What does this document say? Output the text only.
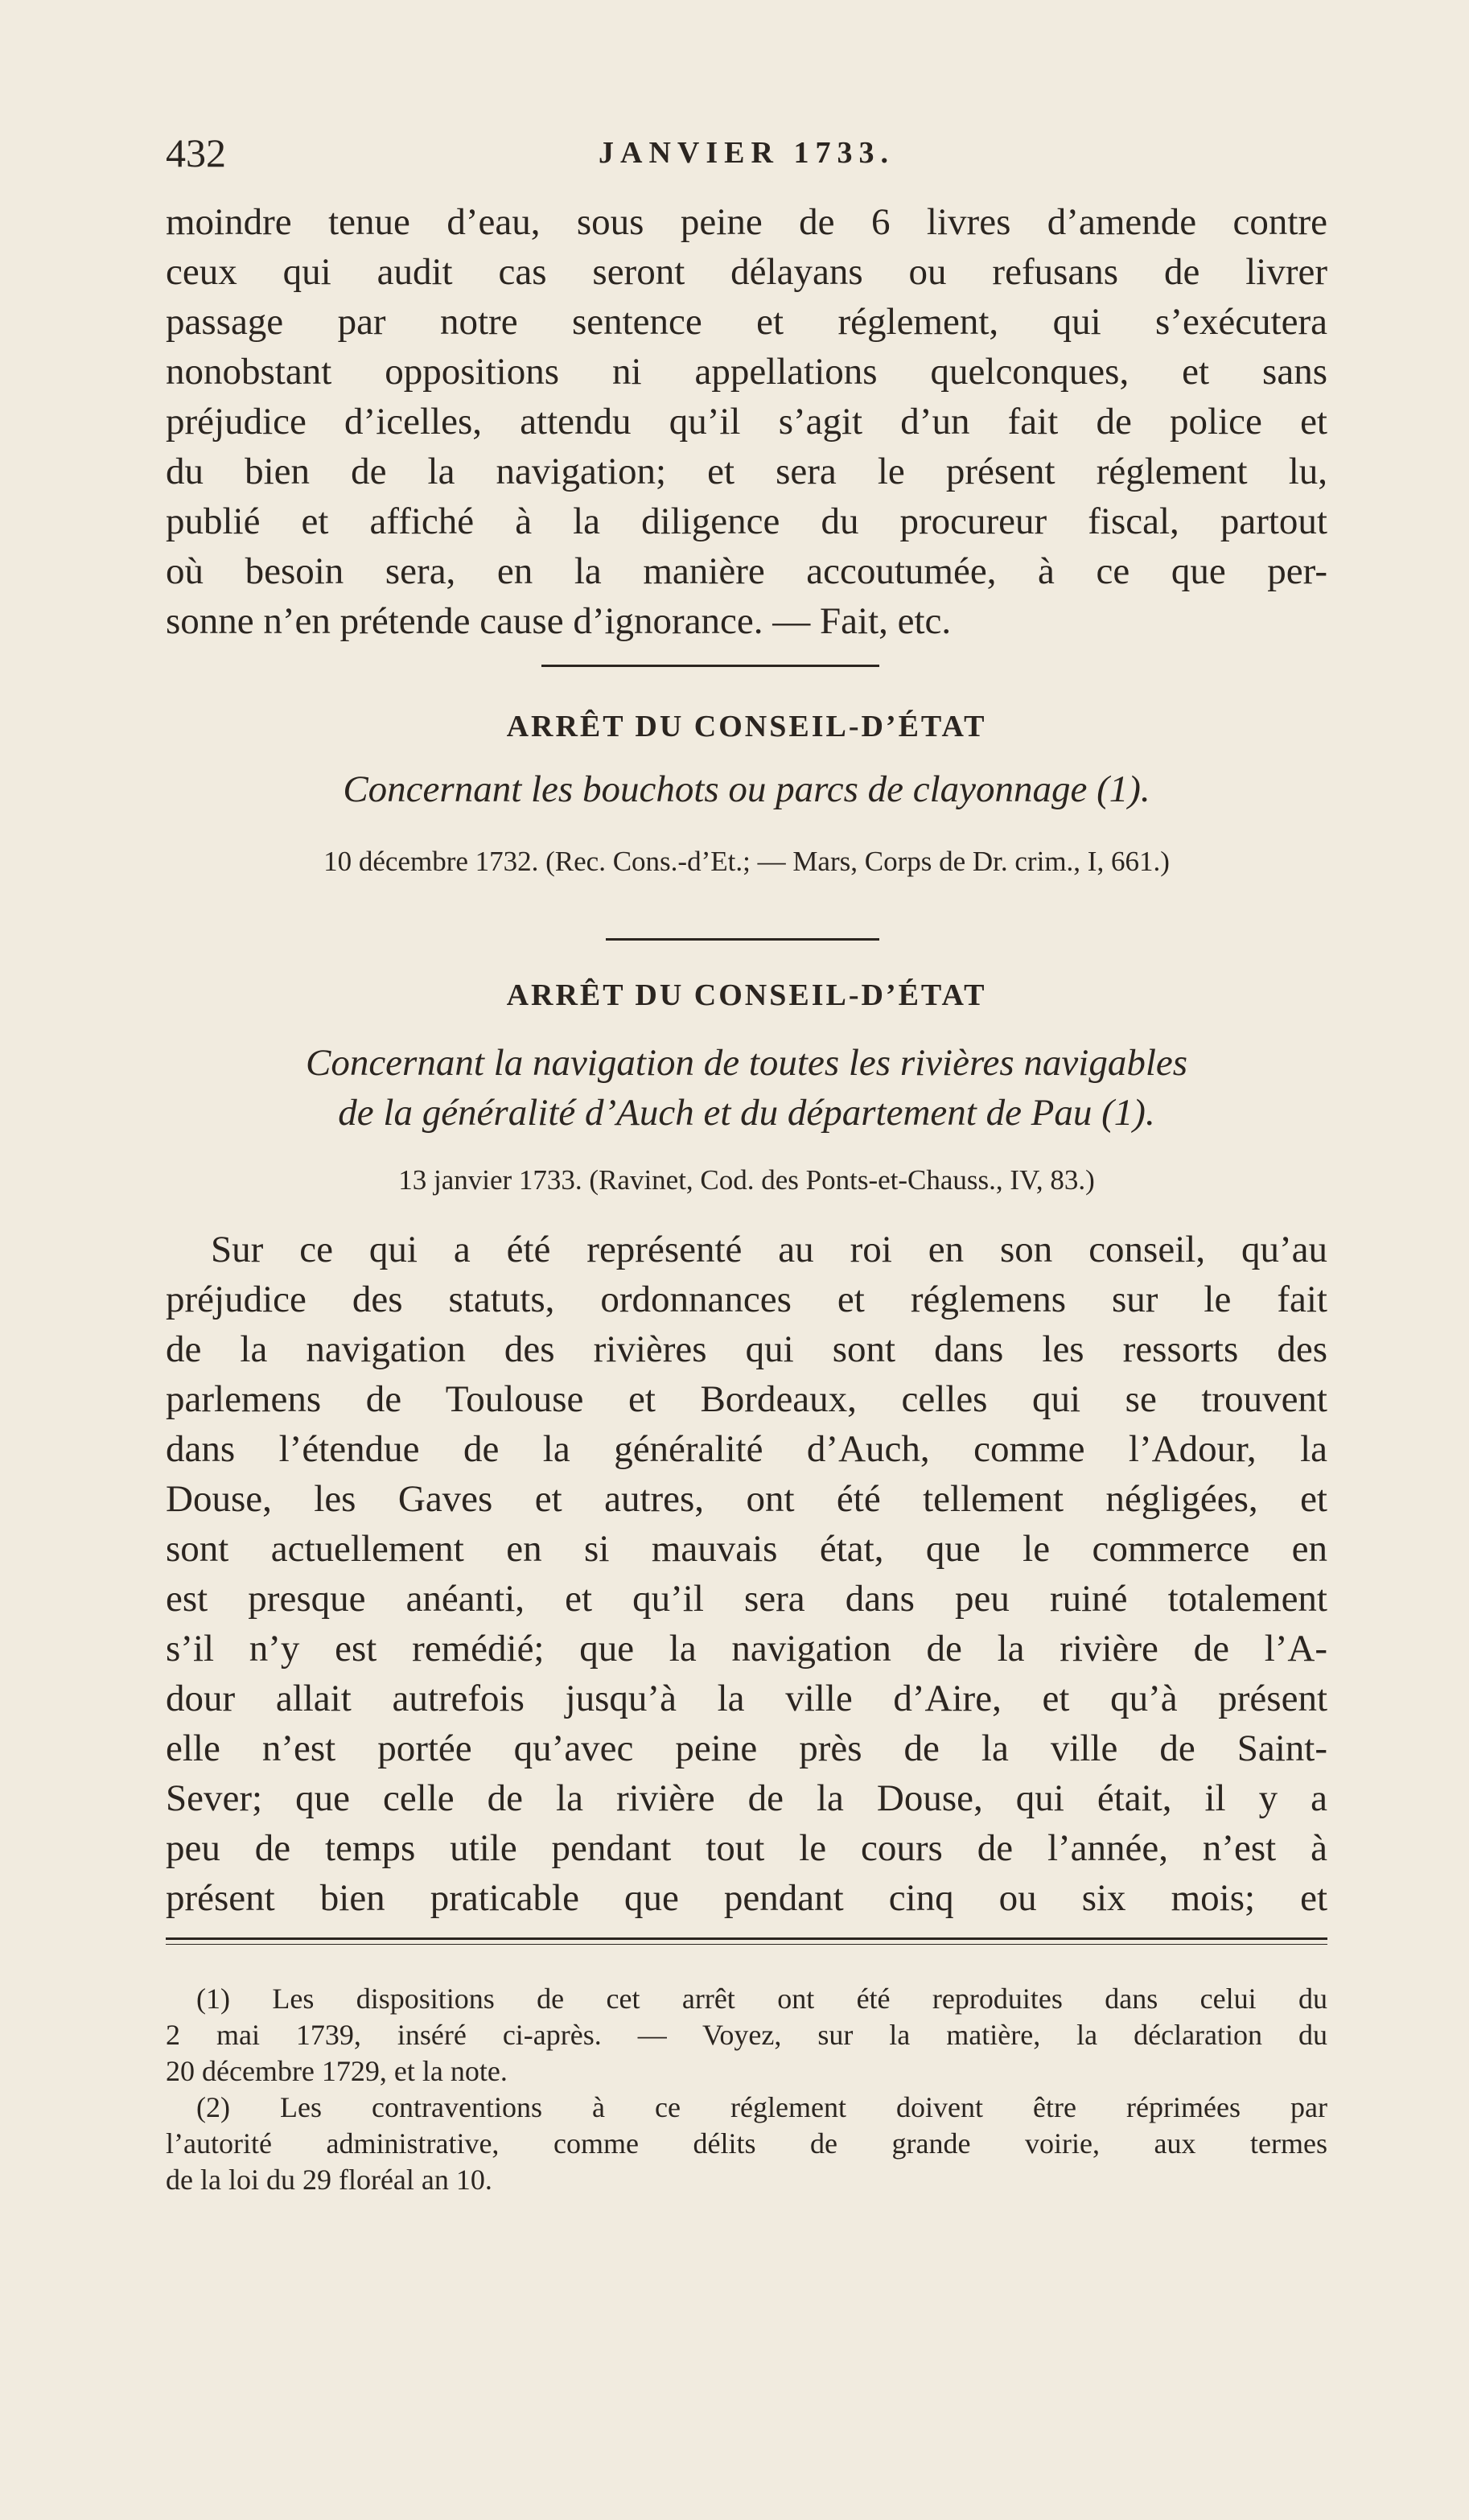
432	JANVIER 1733.
moindre tenue d’eau, sous peine de 6 livres d’amende contre
ceux qui audit cas seront délayans ou refusans de livrer
passage par notre sentence et réglement, qui s’exécutera
nonobstant oppositions ni appellations quelconques, et sans
préjudice d’icelles, attendu qu’il s’agit d’un fait de police et
du bien de la navigation; et sera le présent réglement lu,
publié et affiché à la diligence du procureur fiscal, partout
où besoin sera, en la manière accoutumée, à ce que per-
sonne n’en prétende cause d’ignorance. — Fait, etc.
ARRÊT DU CONSEIL-D’ÉTAT
Concernant les bouchots ou parcs de clayonnage (1).
10 décembre 1732. (Rec. Cons.-d’Et.; — Mars, Corps de Dr. crim., I, 661.)
ARRÊT DU CONSEIL-D’ÉTAT
Concernant la navigation de toutes les rivières navigables
de la généralité d’Auch et du département de Pau (1).
13 janvier 1733. (Ravinet, Cod. des Ponts-et-Chauss., IV, 83.)
Sur ce qui a été représenté au roi en son conseil, qu’au
préjudice des statuts, ordonnances et réglemens sur le fait
de la navigation des rivières qui sont dans les ressorts des
parlemens de Toulouse et Bordeaux, celles qui se trouvent
dans l’étendue de la généralité d’Auch, comme l’Adour, la
Douse, les Gaves et autres, ont été tellement négligées, et
sont actuellement en si mauvais état, que le commerce en
est presque anéanti, et qu’il sera dans peu ruiné totalement
s’il n’y est remédié; que la navigation de la rivière de l’A-
dour allait autrefois jusqu’à la ville d’Aire, et qu’à présent
elle n’est portée qu’avec peine près de la ville de Saint-
Sever; que celle de la rivière de la Douse, qui était, il y a
peu de temps utile pendant tout le cours de l’année, n’est à
présent bien praticable que pendant cinq ou six mois; et
(1) Les dispositions de cet arrêt ont été reproduites dans celui du
2 mai 1739, inséré ci-après. — Voyez, sur la matière, la déclaration du
20 décembre 1729, et la note.
(2) Les contraventions à ce réglement doivent être réprimées par
l’autorité administrative, comme délits de grande voirie, aux termes
de la loi du 29 floréal an 10.
